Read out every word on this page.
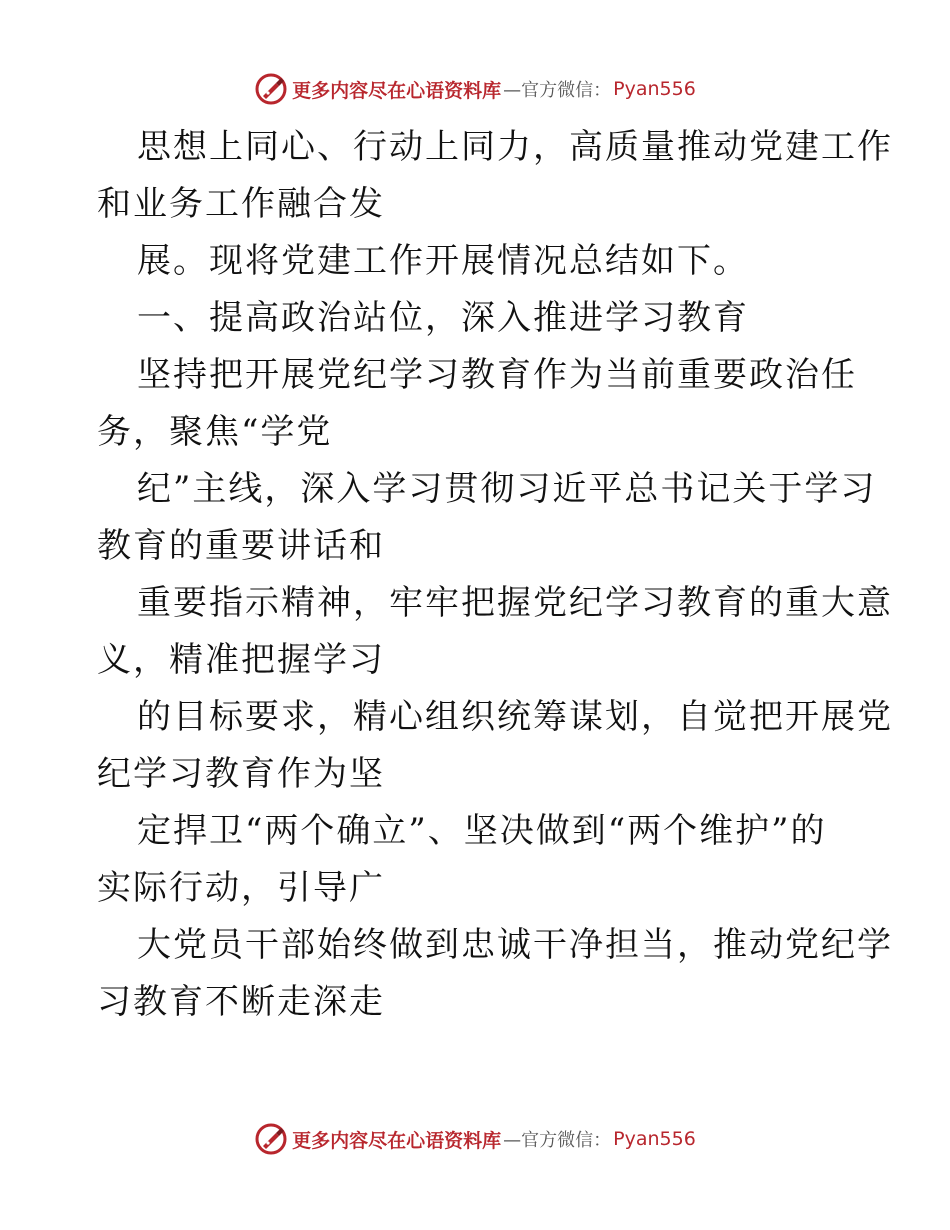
更多内容尽在心语资料库 —官方微信： Pyan556
思想上同心、行动上同力，高质量推动党建工作
和业务工作融合发
展。现将党建工作开展情况总结如下。
一、提高政治站位，深入推进学习教育
坚持把开展党纪学习教育作为当前重要政治任
务，聚焦“学党
纪”主线，深入学习贯彻习近平总书记关于学习
教育的重要讲话和
重要指示精神，牢牢把握党纪学习教育的重大意
义，精准把握学习
的目标要求，精心组织统筹谋划，自觉把开展党
纪学习教育作为坚
定捍卫“两个确立”、坚决做到“两个维护”的
实际行动，引导广
大党员干部始终做到忠诚干净担当，推动党纪学
习教育不断走深走
更多内容尽在心语资料库 —官方微信： Pyan556
